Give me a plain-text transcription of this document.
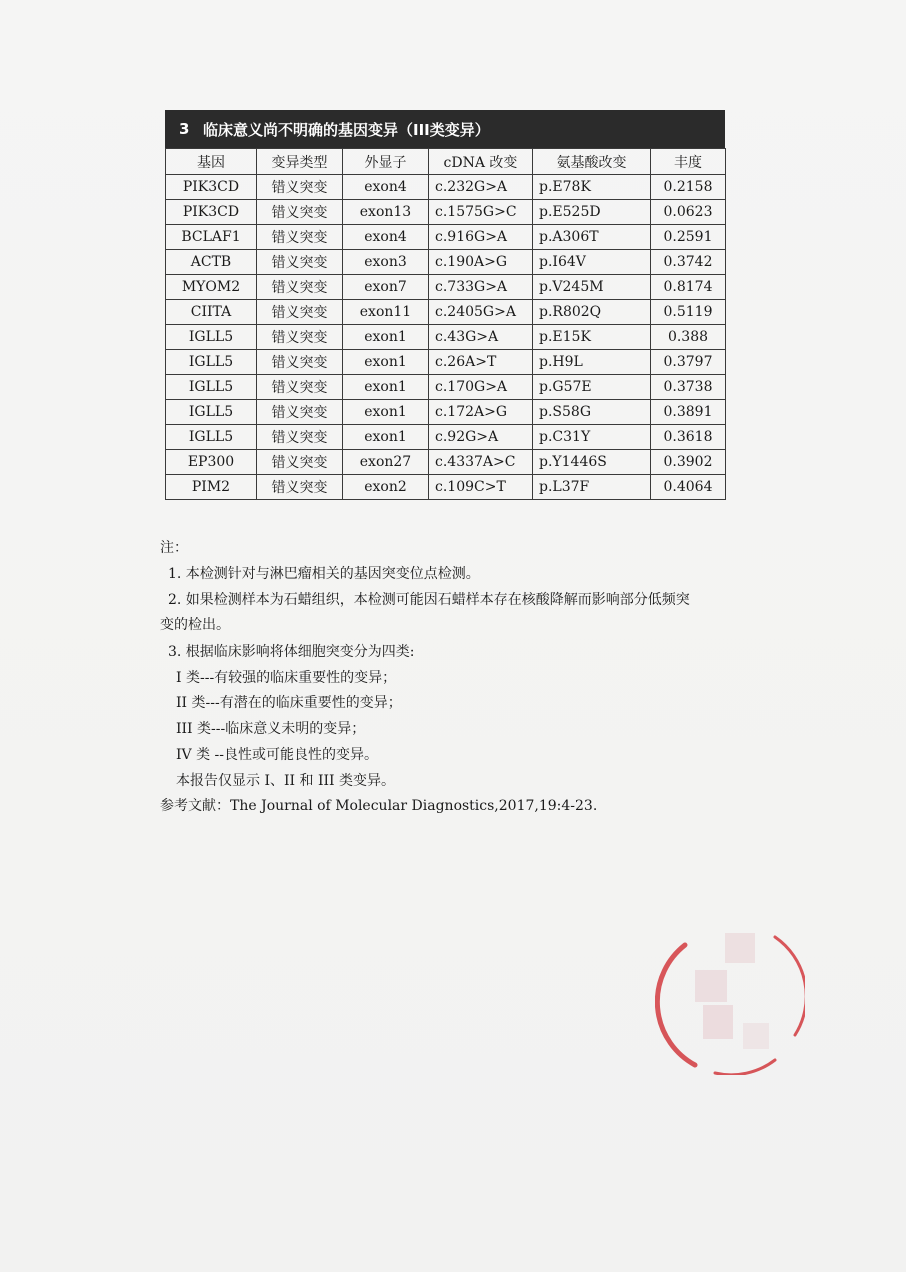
3 临床意义尚不明确的基因变异（III类变异）
基因	变异类型	外显子	cDNA 改变	氨基酸改变	丰度
PIK3CD	错义突变	exon4	c.232G>A	p.E78K	0.2158
PIK3CD	错义突变	exon13	c.1575G>C	p.E525D	0.0623
BCLAF1	错义突变	exon4	c.916G>A	p.A306T	0.2591
ACTB	错义突变	exon3	c.190A>G	p.I64V	0.3742
MYOM2	错义突变	exon7	c.733G>A	p.V245M	0.8174
CIITA	错义突变	exon11	c.2405G>A	p.R802Q	0.5119
IGLL5	错义突变	exon1	c.43G>A	p.E15K	0.388
IGLL5	错义突变	exon1	c.26A>T	p.H9L	0.3797
IGLL5	错义突变	exon1	c.170G>A	p.G57E	0.3738
IGLL5	错义突变	exon1	c.172A>G	p.S58G	0.3891
IGLL5	错义突变	exon1	c.92G>A	p.C31Y	0.3618
EP300	错义突变	exon27	c.4337A>C	p.Y1446S	0.3902
PIM2	错义突变	exon2	c.109C>T	p.L37F	0.4064
注：
1. 本检测针对与淋巴瘤相关的基因突变位点检测。
2. 如果检测样本为石蜡组织，本检测可能因石蜡样本存在核酸降解而影响部分低频突
变的检出。
3. 根据临床影响将体细胞突变分为四类:
I 类---有较强的临床重要性的变异；
II 类---有潜在的临床重要性的变异；
III 类---临床意义未明的变异；
IV 类 --良性或可能良性的变异。
本报告仅显示 I、II 和 III 类变异。
参考文献：The Journal of Molecular Diagnostics,2017,19:4-23.
